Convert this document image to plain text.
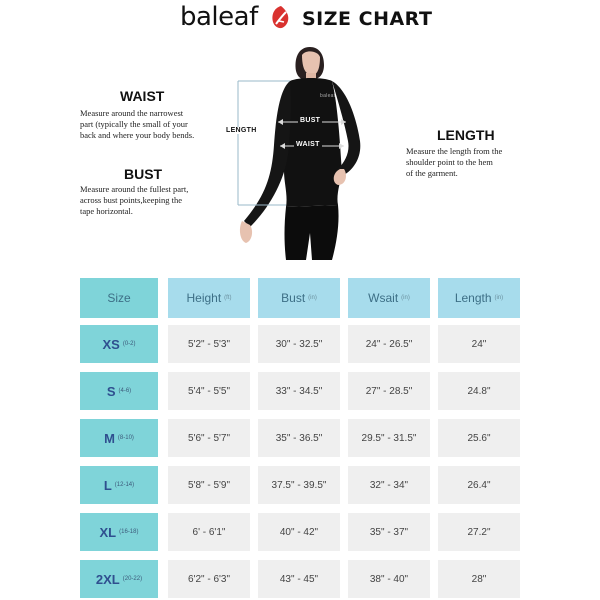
baleaf SIZE CHART
WAIST
Measure around the narrowest
part (typically the small of your
back and where your body bends.
BUST
Measure around the fullest part,
across bust points,keeping the
tape horizontal.
LENGTH
Measure the length from the
shoulder point to the hem
of the garment.
LENGTH
BUST
WAIST
baleaf
Size	Height (ft)	Bust (in)	Wsait (in)	Length (in)
XS (0-2)	5'2" - 5'3"	30" - 32.5"	24" - 26.5"	24"
S (4-6)	5'4" - 5'5"	33" - 34.5"	27" - 28.5"	24.8"
M (8-10)	5'6" - 5'7"	35" - 36.5"	29.5" - 31.5"	25.6"
L (12-14)	5'8" - 5'9"	37.5" - 39.5"	32" - 34"	26.4"
XL (16-18)	6' - 6'1"	40" - 42"	35" - 37"	27.2"
2XL (20-22)	6'2" - 6'3"	43" - 45"	38" - 40"	28"
